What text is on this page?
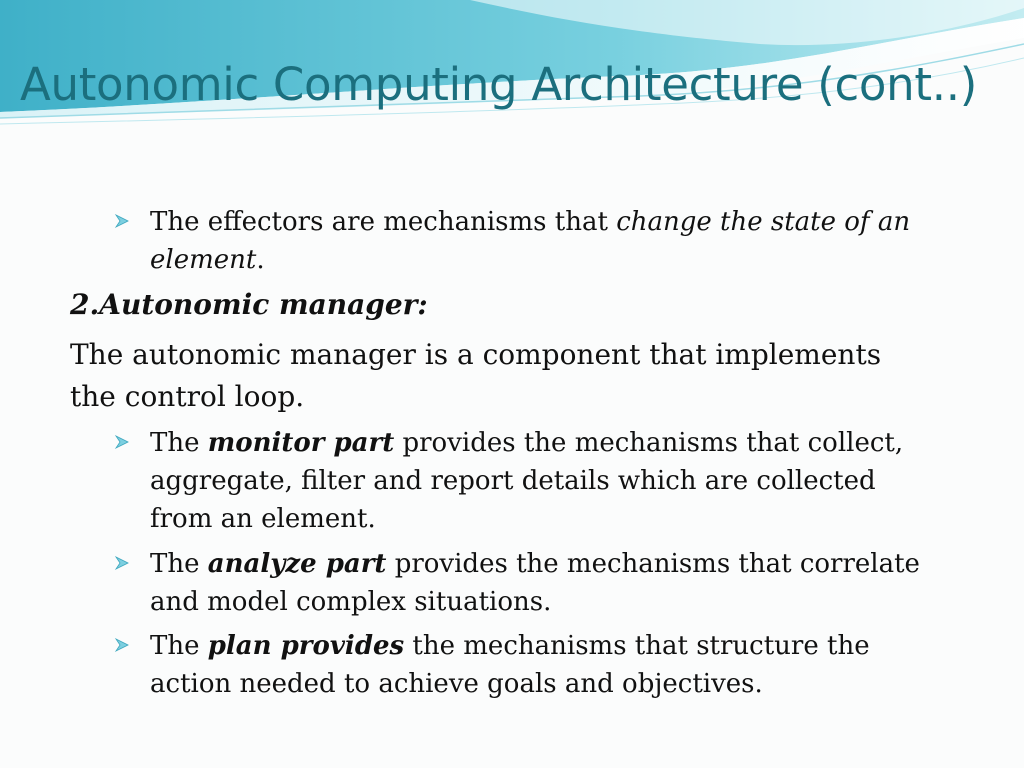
Autonomic Computing Architecture (cont..)
The effectors are mechanisms that change the state of an element.
2.Autonomic manager:
The autonomic manager is a component that implements the control loop.
The monitor part provides the mechanisms that collect, aggregate, filter and report details which are collected from an element.
The analyze part provides the mechanisms that correlate and model complex situations.
The plan provides the mechanisms that structure the action needed to achieve goals and objectives.
